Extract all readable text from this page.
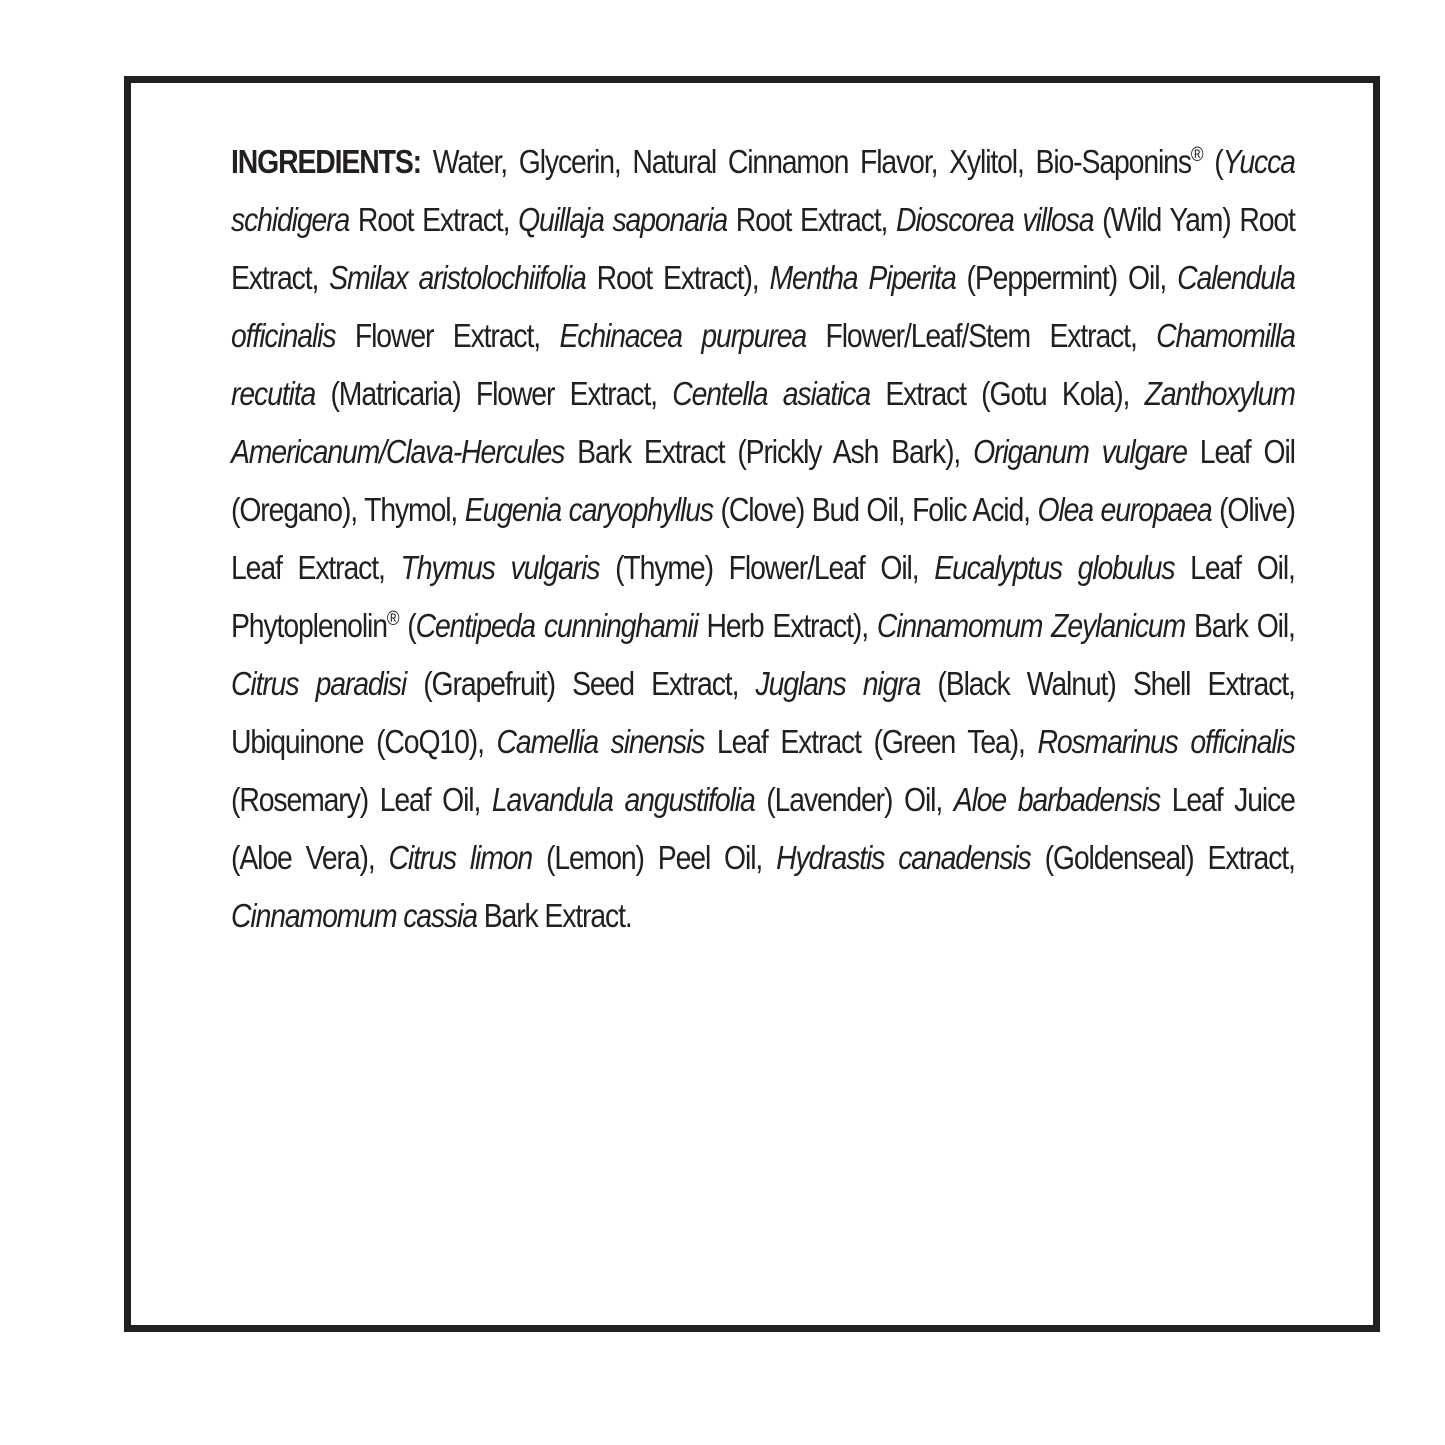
INGREDIENTS: Water, Glycerin, Natural Cinnamon Flavor, Xylitol, Bio-Saponins® (Yucca schidigera Root Extract, Quillaja saponaria Root Extract, Dioscorea villosa (Wild Yam) Root Extract, Smilax aristolochiifolia Root Extract), Mentha Piperita (Peppermint) Oil, Calendula officinalis Flower Extract, Echinacea purpurea Flower/Leaf/Stem Extract, Chamomilla recutita (Matricaria) Flower Extract, Centella asiatica Extract (Gotu Kola), Zanthoxylum Americanum/Clava-Hercules Bark Extract (Prickly Ash Bark), Origanum vulgare Leaf Oil (Oregano), Thymol, Eugenia caryophyllus (Clove) Bud Oil, Folic Acid, Olea europaea (Olive) Leaf Extract, Thymus vulgaris (Thyme) Flower/Leaf Oil, Eucalyptus globulus Leaf Oil, Phytoplenolin® (Centipeda cunninghamii Herb Extract), Cinnamomum Zeylanicum Bark Oil, Citrus paradisi (Grapefruit) Seed Extract, Juglans nigra (Black Walnut) Shell Extract, Ubiquinone (CoQ10), Camellia sinensis Leaf Extract (Green Tea), Rosmarinus officinalis (Rosemary) Leaf Oil, Lavandula angustifolia (Lavender) Oil, Aloe barbadensis Leaf Juice (Aloe Vera), Citrus limon (Lemon) Peel Oil, Hydrastis canadensis (Goldenseal) Extract, Cinnamomum cassia Bark Extract.
